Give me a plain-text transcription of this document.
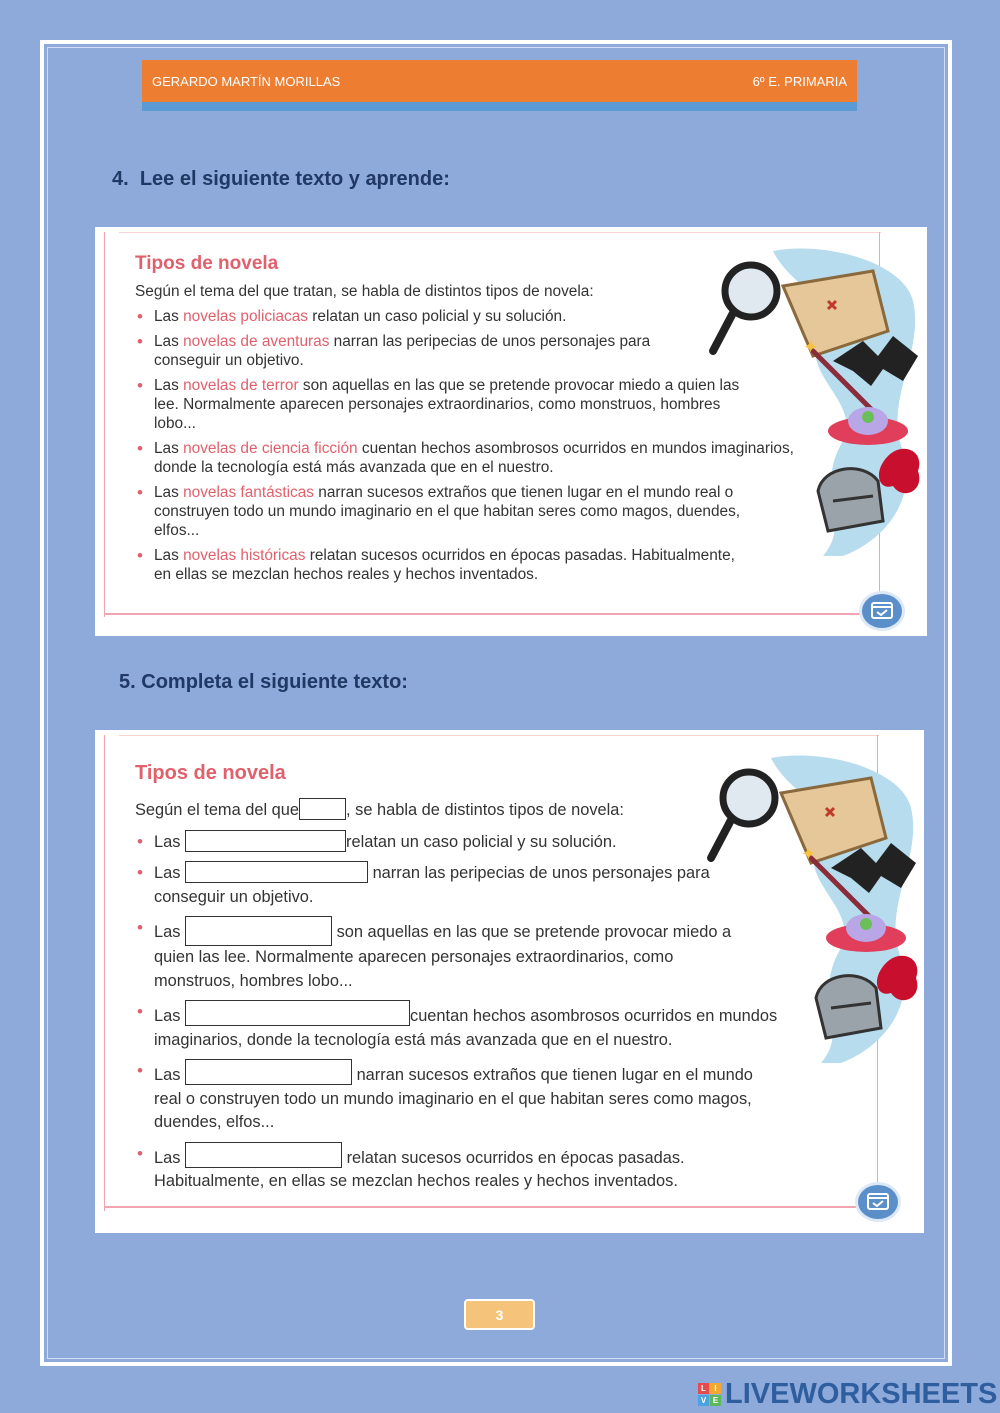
GERARDO MARTÍN MORILLAS	6º E. PRIMARIA
4. Lee el siguiente texto y aprende:
Tipos de novela
Según el tema del que tratan, se habla de distintos tipos de novela:
• Las novelas policiacas relatan un caso policial y su solución.
• Las novelas de aventuras narran las peripecias de unos personajes para conseguir un objetivo.
• Las novelas de terror son aquellas en las que se pretende provocar miedo a quien las lee. Normalmente aparecen personajes extraordinarios, como monstruos, hombres lobo...
• Las novelas de ciencia ficción cuentan hechos asombrosos ocurridos en mundos imaginarios, donde la tecnología está más avanzada que en el nuestro.
• Las novelas fantásticas narran sucesos extraños que tienen lugar en el mundo real o construyen todo un mundo imaginario en el que habitan seres como magos, duendes, elfos...
• Las novelas históricas relatan sucesos ocurridos en épocas pasadas. Habitualmente, en ellas se mezclan hechos reales y hechos inventados.
✦
5. Completa el siguiente texto:
Tipos de novela
Según el tema del que	, se habla de distintos tipos de novela:
• Las	relatan un caso policial y su solución.
• Las	narran las peripecias de unos personajes para conseguir un objetivo.
• Las	son aquellas en las que se pretende provocar miedo a quien las lee. Normalmente aparecen personajes extraordinarios, como monstruos, hombres lobo...
• Las	cuentan hechos asombrosos ocurridos en mundos imaginarios, donde la tecnología está más avanzada que en el nuestro.
• Las	narran sucesos extraños que tienen lugar en el mundo real o construyen todo un mundo imaginario en el que habitan seres como magos, duendes, elfos...
• Las	relatan sucesos ocurridos en épocas pasadas. Habitualmente, en ellas se mezclan hechos reales y hechos inventados.
✦
3
L	I
V E LIVEWORKSHEETS
